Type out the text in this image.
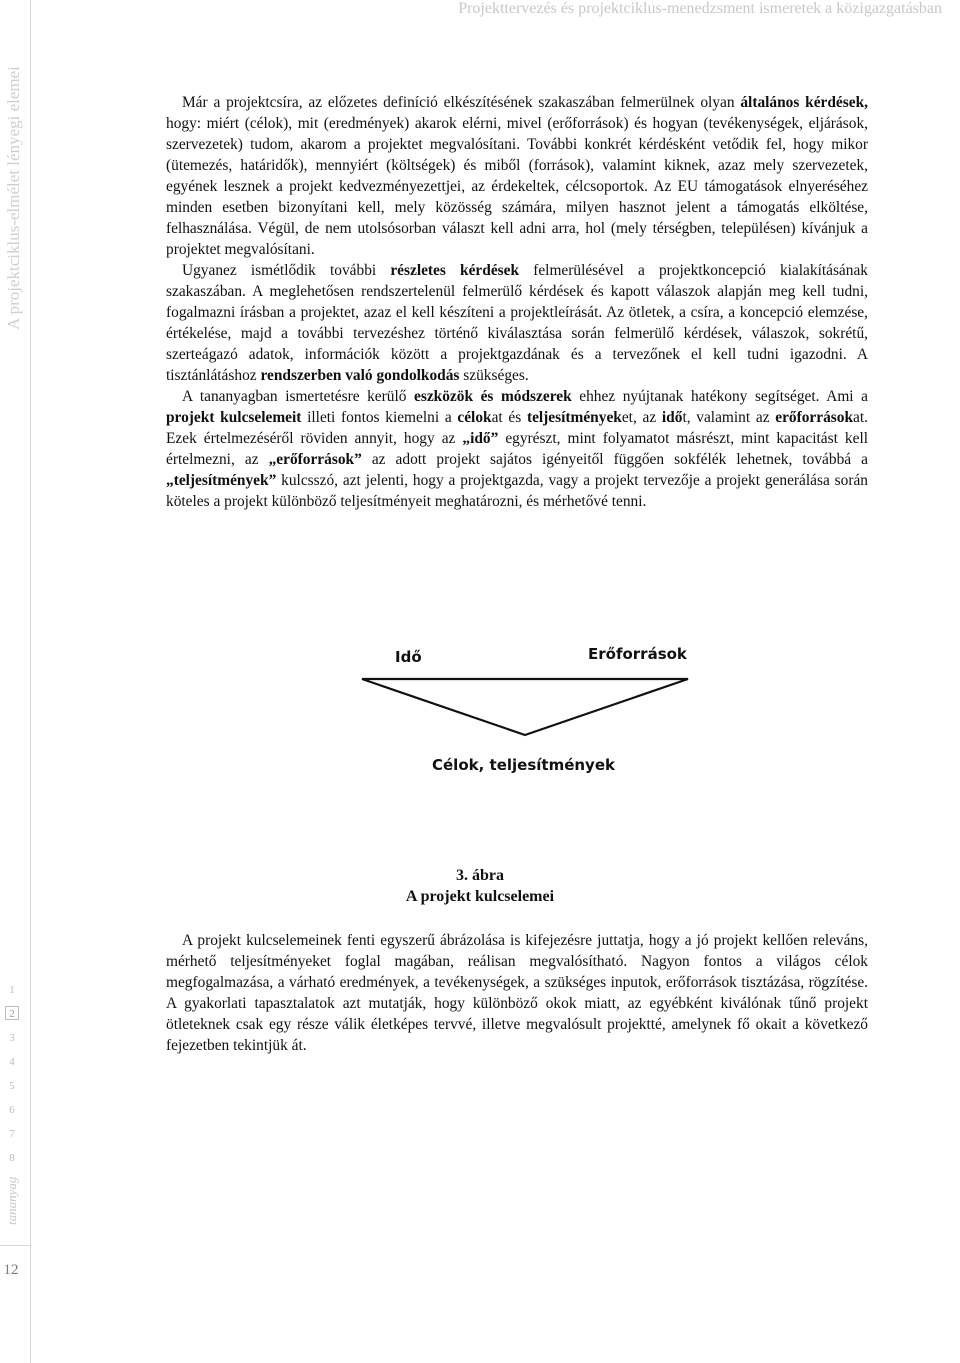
Projekttervezés és projektciklus-menedzsment ismeretek a közigazgatásban
A projektciklus-elmélet lényegi elemei
1
2
3
4
5
6
7
8
tananyag
12

Már a projektcsíra, az előzetes definíció elkészítésének szakaszában felmerülnek olyan általános kérdések, hogy: miért (célok), mit (eredmények) akarok elérni, mivel (erőforrások) és hogyan (tevékenységek, eljárások, szervezetek) tudom, akarom a projektet megvalósítani. További konkrét kérdésként vetődik fel, hogy mikor (ütemezés, határidők), mennyiért (költségek) és miből (források), valamint kiknek, azaz mely szervezetek, egyének lesznek a projekt kedvezményezettjei, az érdekeltek, célcsoportok. Az EU támogatások elnyeréséhez minden esetben bizonyítani kell, mely közösség számára, milyen hasznot jelent a támogatás elköltése, felhasználása. Végül, de nem utolsósorban választ kell adni arra, hol (mely térségben, településen) kívánjuk a projektet megvalósítani.

Ugyanez ismétlődik további részletes kérdések felmerülésével a projektkoncepció kialakításának szakaszában. A meglehetősen rendszertelenül felmerülő kérdések és kapott válaszok alapján meg kell tudni, fogalmazni írásban a projektet, azaz el kell készíteni a projektleírását. Az ötletek, a csíra, a koncepció elemzése, értékelése, majd a további tervezéshez történő kiválasztása során felmerülő kérdések, válaszok, sokrétű, szerteágazó adatok, információk között a projektgazdának és a tervezőnek el kell tudni igazodni. A tisztánlátáshoz rendszerben való gondolkodás szükséges.

A tananyagban ismertetésre kerülő eszközök és módszerek ehhez nyújtanak hatékony segítséget. Ami a projekt kulcselemeit illeti fontos kiemelni a célokat és teljesítményeket, az időt, valamint az erőforrásokat. Ezek értelmezéséről röviden annyit, hogy az „idő” egyrészt, mint folyamatot másrészt, mint kapacitást kell értelmezni, az „erőforrások” az adott projekt sajátos igényeitől függően sokfélék lehetnek, továbbá a „teljesítmények” kulcsszó, azt jelenti, hogy a projektgazda, vagy a projekt tervezője a projekt generálása során köteles a projekt különböző teljesítményeit meghatározni, és mérhetővé tenni.

Idő	Erőforrások
Célok, teljesítmények
3. ábra
A projekt kulcselemei

A projekt kulcselemeinek fenti egyszerű ábrázolása is kifejezésre juttatja, hogy a jó projekt kellően releváns, mérhető teljesítményeket foglal magában, reálisan megvalósítható. Nagyon fontos a világos célok megfogalmazása, a várható eredmények, a tevékenységek, a szükséges inputok, erőforrások tisztázása, rögzítése. A gyakorlati tapasztalatok azt mutatják, hogy különböző okok miatt, az egyébként kiválónak tűnő projekt ötleteknek csak egy része válik életképes tervvé, illetve megvalósult projektté, amelynek fő okait a következő fejezetben tekintjük át.
